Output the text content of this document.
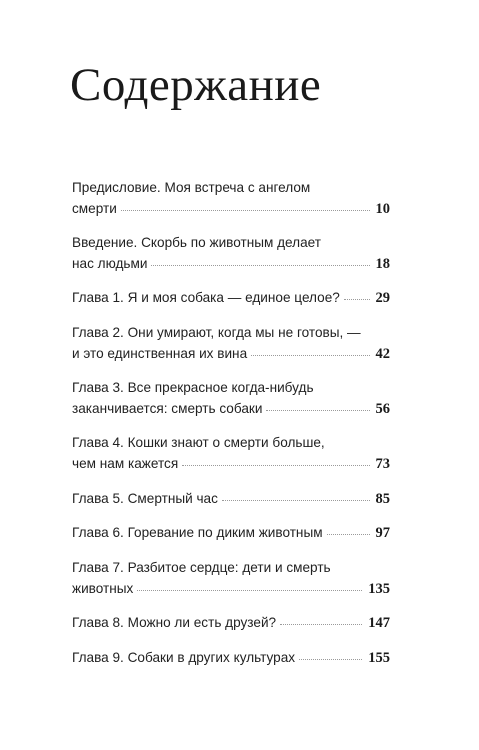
Содержание
Предисловие. Моя встреча с ангелом
смерти	10
Введение. Скорбь по животным делает
нас людьми	18
Глава 1. Я и моя собака — единое целое? 29
Глава 2. Они умирают, когда мы не готовы, —
и это единственная их вина	42
Глава 3. Все прекрасное когда-нибудь
заканчивается: смерть собаки	56
Глава 4. Кошки знают о смерти больше,
чем нам кажется	73
Глава 5. Смертный час	85
Глава 6. Горевание по диким животным	97
Глава 7. Разбитое сердце: дети и смерть
животных	135
Глава 8. Можно ли есть друзей?	147
Глава 9. Собаки в других культурах	155
